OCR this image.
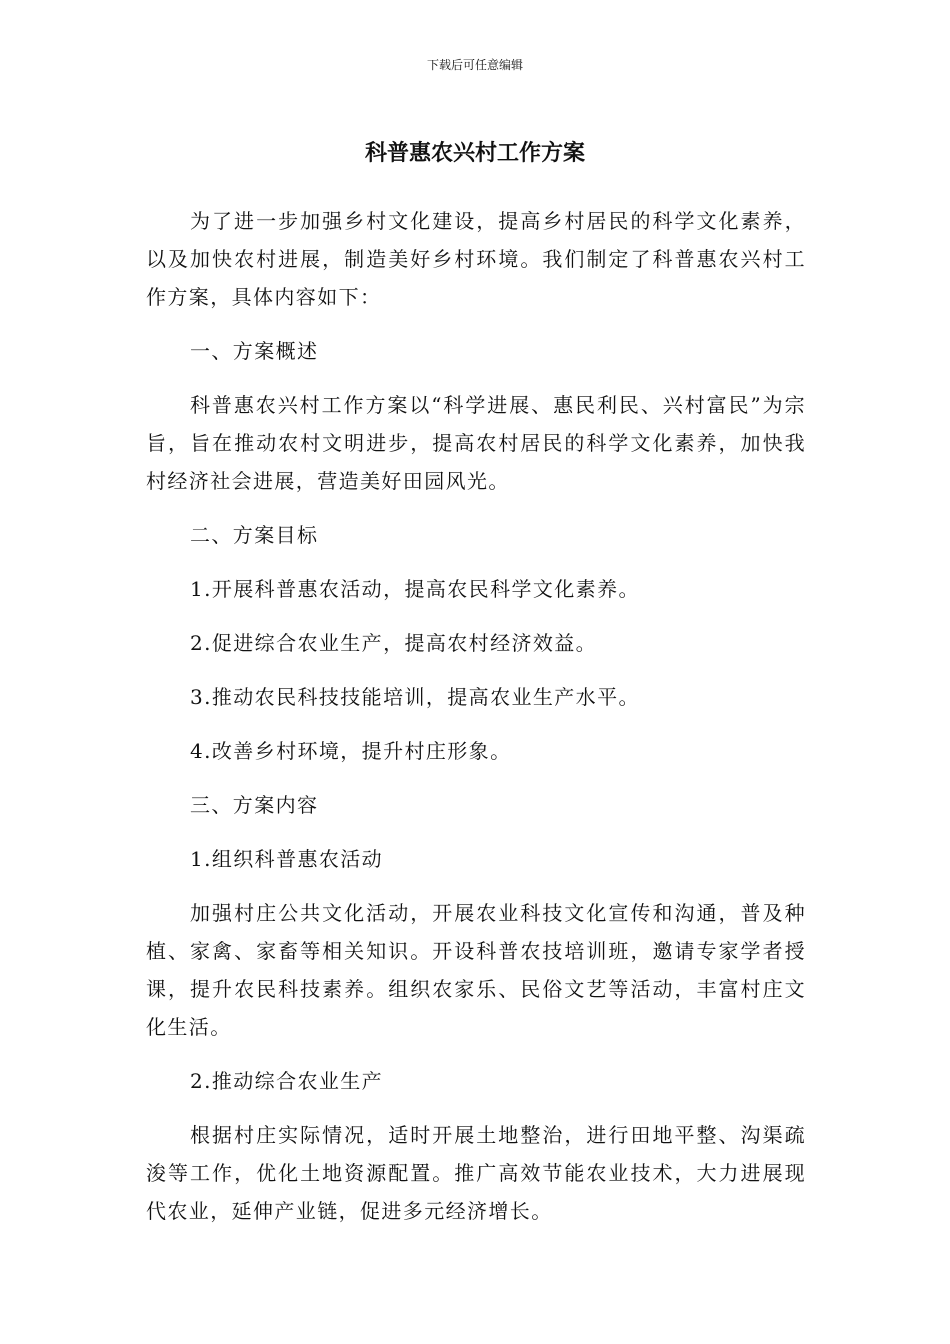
下载后可任意编辑
科普惠农兴村工作方案

为了进一步加强乡村文化建设，提高乡村居民的科学文化素养，以及加快农村进展，制造美好乡村环境。我们制定了科普惠农兴村工作方案，具体内容如下：

一、方案概述

科普惠农兴村工作方案以“科学进展、惠民利民、兴村富民”为宗旨，旨在推动农村文明进步，提高农村居民的科学文化素养，加快我村经济社会进展，营造美好田园风光。

二、方案目标

1.开展科普惠农活动，提高农民科学文化素养。

2.促进综合农业生产，提高农村经济效益。

3.推动农民科技技能培训，提高农业生产水平。

4.改善乡村环境，提升村庄形象。

三、方案内容

1.组织科普惠农活动

加强村庄公共文化活动，开展农业科技文化宣传和沟通，普及种植、家禽、家畜等相关知识。开设科普农技培训班，邀请专家学者授课，提升农民科技素养。组织农家乐、民俗文艺等活动，丰富村庄文化生活。

2.推动综合农业生产

根据村庄实际情况，适时开展土地整治，进行田地平整、沟渠疏浚等工作，优化土地资源配置。推广高效节能农业技术，大力进展现代农业，延伸产业链，促进多元经济增长。
